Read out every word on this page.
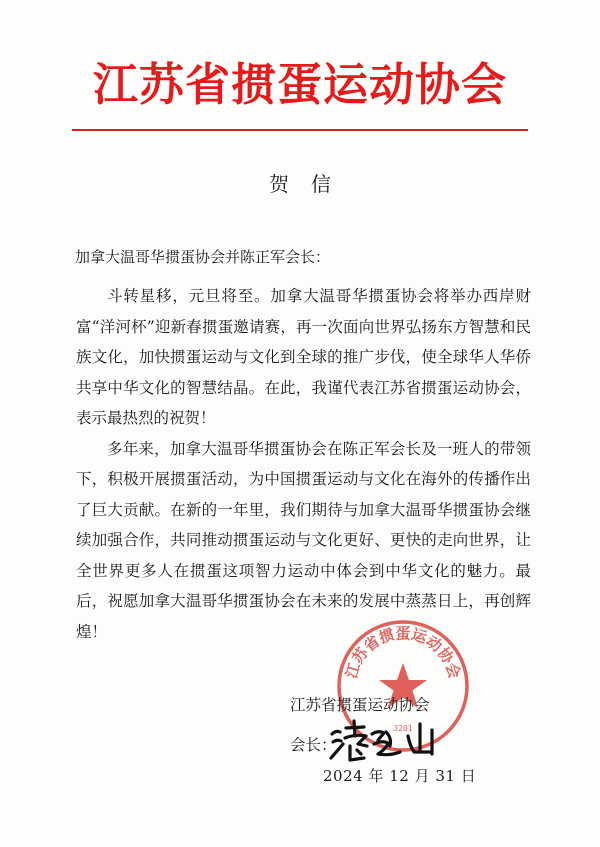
江苏省掼蛋运动协会
贺信
加拿大温哥华掼蛋协会并陈正军会长：

斗转星移，元旦将至。加拿大温哥华掼蛋协会将举办西岸财富“洋河杯”迎新春掼蛋邀请赛，再一次面向世界弘扬东方智慧和民族文化，加快掼蛋运动与文化到全球的推广步伐，使全球华人华侨共享中华文化的智慧结晶。在此，我谨代表江苏省掼蛋运动协会，表示最热烈的祝贺！

多年来，加拿大温哥华掼蛋协会在陈正军会长及一班人的带领下，积极开展掼蛋活动，为中国掼蛋运动与文化在海外的传播作出了巨大贡献。在新的一年里，我们期待与加拿大温哥华掼蛋协会继续加强合作，共同推动掼蛋运动与文化更好、更快的走向世界，让全世界更多人在掼蛋这项智力运动中体会到中华文化的魅力。最后，祝愿加拿大温哥华掼蛋协会在未来的发展中蒸蒸日上，再创辉煌！

江苏省掼蛋运动协会
3201
江苏省掼蛋运动协会
会长：
2024 年 12 月 31 日
